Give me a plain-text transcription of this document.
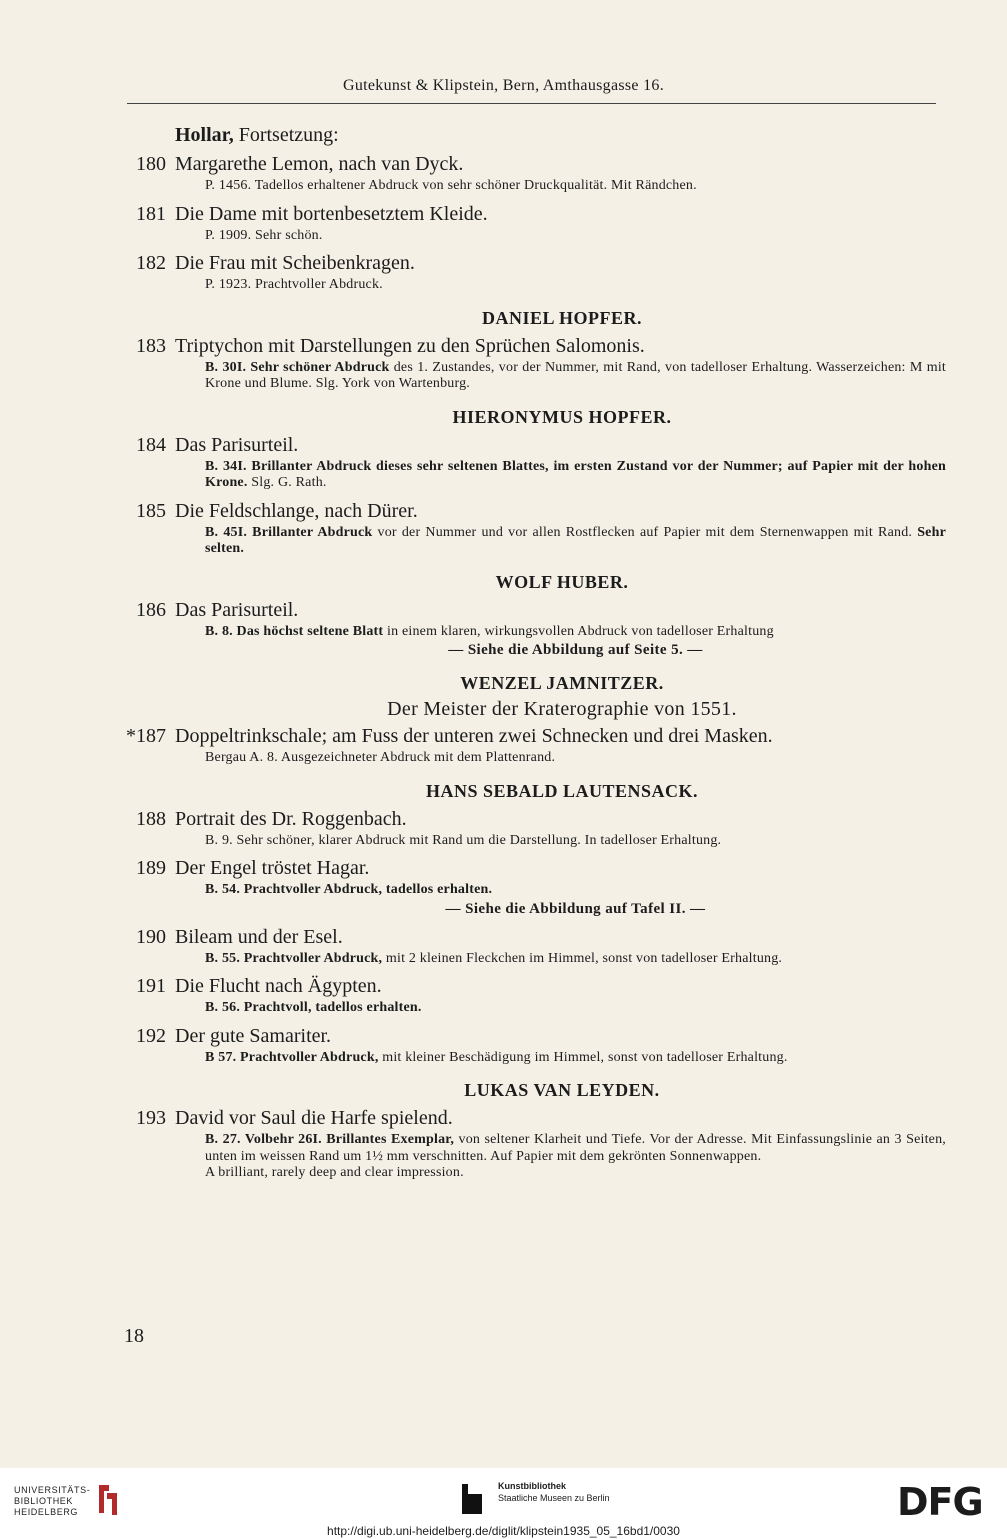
Gutekunst & Klipstein, Bern, Amthausgasse 16.
Hollar, Fortsetzung:
180 Margarethe Lemon, nach van Dyck.
P. 1456. Tadellos erhaltener Abdruck von sehr schöner Druckqualität. Mit Rändchen.
181 Die Dame mit bortenbesetztem Kleide.
P. 1909. Sehr schön.
182 Die Frau mit Scheibenkragen.
P. 1923. Prachtvoller Abdruck.
DANIEL HOPFER.
183 Triptychon mit Darstellungen zu den Sprüchen Salomonis.
B. 30I. Sehr schöner Abdruck des 1. Zustandes, vor der Nummer, mit Rand, von tadelloser Erhaltung. Wasserzeichen: M mit Krone und Blume. Slg. York von Wartenburg.
HIERONYMUS HOPFER.
184 Das Parisurteil.
B. 34I. Brillanter Abdruck dieses sehr seltenen Blattes, im ersten Zustand vor der Nummer; auf Papier mit der hohen Krone. Slg. G. Rath.
185 Die Feldschlange, nach Dürer.
B. 45I. Brillanter Abdruck vor der Nummer und vor allen Rostflecken auf Papier mit dem Sternenwappen mit Rand. Sehr selten.
WOLF HUBER.
186 Das Parisurteil.
B. 8. Das höchst seltene Blatt in einem klaren, wirkungsvollen Abdruck von tadelloser Erhaltung
— Siehe die Abbildung auf Seite 5. —
WENZEL JAMNITZER.
Der Meister der Kraterographie von 1551.
*187 Doppeltrinkschale; am Fuss der unteren zwei Schnecken und drei Masken.
Bergau A. 8. Ausgezeichneter Abdruck mit dem Plattenrand.
HANS SEBALD LAUTENSACK.
188 Portrait des Dr. Roggenbach.
B. 9. Sehr schöner, klarer Abdruck mit Rand um die Darstellung. In tadelloser Erhaltung.
189 Der Engel tröstet Hagar.
B. 54. Prachtvoller Abdruck, tadellos erhalten.
— Siehe die Abbildung auf Tafel II. —
190 Bileam und der Esel.
B. 55. Prachtvoller Abdruck, mit 2 kleinen Fleckchen im Himmel, sonst von tadelloser Erhaltung.
191 Die Flucht nach Ägypten.
B. 56. Prachtvoll, tadellos erhalten.
192 Der gute Samariter.
B 57. Prachtvoller Abdruck, mit kleiner Beschädigung im Himmel, sonst von tadelloser Erhaltung.
LUKAS VAN LEYDEN.
193 David vor Saul die Harfe spielend.
B. 27. Volbehr 26I. Brillantes Exemplar, von seltener Klarheit und Tiefe. Vor der Adresse. Mit Einfassungslinie an 3 Seiten, unten im weissen Rand um 1½ mm verschnitten. Auf Papier mit dem gekrönten Sonnenwappen.
A brilliant, rarely deep and clear impression.
18
UNIVERSITÄTS-
BIBLIOTHEK
HEIDELBERG
Kunstbibliothek
Staatliche Museen zu Berlin	DFG
http://digi.ub.uni-heidelberg.de/diglit/klipstein1935_05_16bd1/0030
